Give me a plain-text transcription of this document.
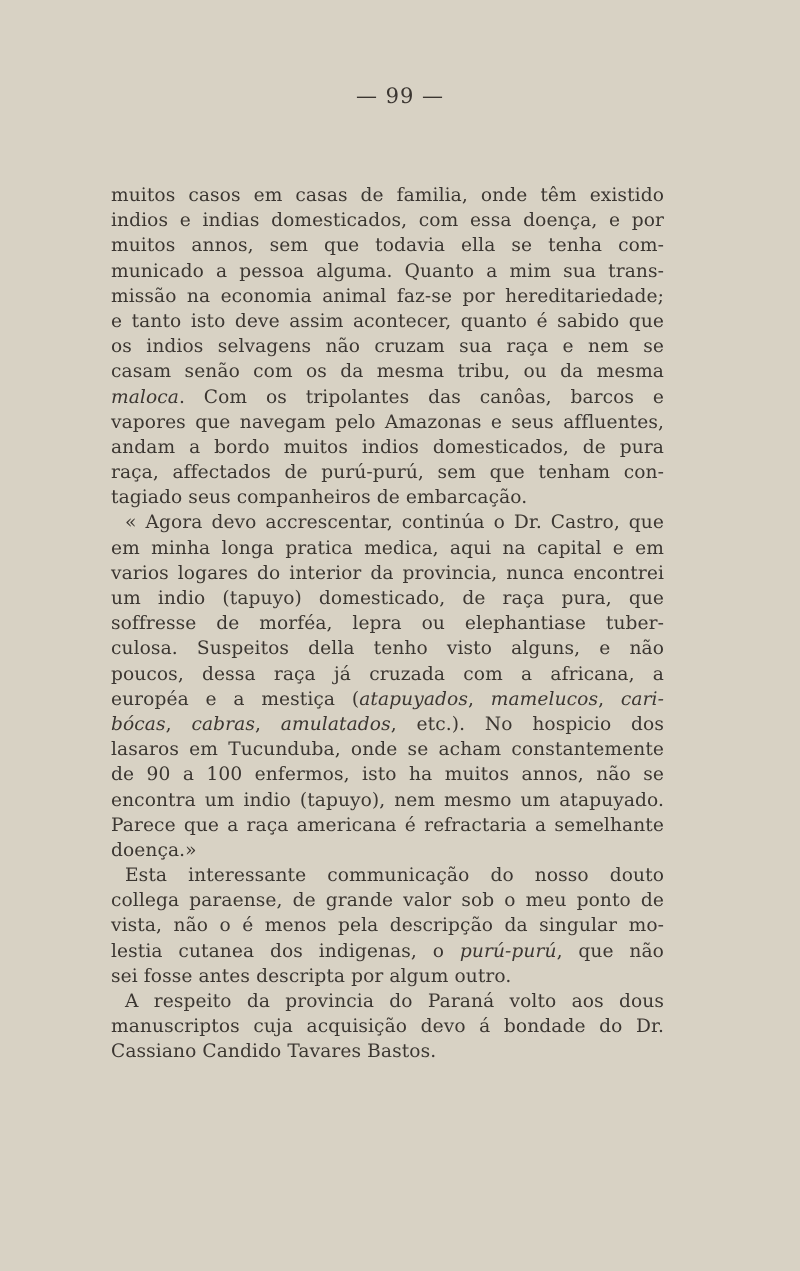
— 99 —
muitos casos em casas de familia, onde têm existido
indios e indias domesticados, com essa doença, e por
muitos annos, sem que todavia ella se tenha com-
municado a pessoa alguma. Quanto a mim sua trans-
missão na economia animal faz-se por hereditariedade;
e tanto isto deve assim acontecer, quanto é sabido que
os indios selvagens não cruzam sua raça e nem se
casam senão com os da mesma tribu, ou da mesma
maloca. Com os tripolantes das canôas, barcos e
vapores que navegam pelo Amazonas e seus affluentes,
andam a bordo muitos indios domesticados, de pura
raça, affectados de purú-purú, sem que tenham con-
tagiado seus companheiros de embarcação.
« Agora devo accrescentar, continúa o Dr. Castro, que
em minha longa pratica medica, aqui na capital e em
varios logares do interior da provincia, nunca encontrei
um indio (tapuyo) domesticado, de raça pura, que
soffresse de morféa, lepra ou elephantiase tuber-
culosa. Suspeitos della tenho visto alguns, e não
poucos, dessa raça já cruzada com a africana, a
européa e a mestiça (atapuyados, mamelucos, cari-
bócas, cabras, amulatados, etc.). No hospicio dos
lasaros em Tucunduba, onde se acham constantemente
de 90 a 100 enfermos, isto ha muitos annos, não se
encontra um indio (tapuyo), nem mesmo um atapuyado.
Parece que a raça americana é refractaria a semelhante
doença.»
Esta interessante communicação do nosso douto
collega paraense, de grande valor sob o meu ponto de
vista, não o é menos pela descripção da singular mo-
lestia cutanea dos indigenas, o purú-purú, que não
sei fosse antes descripta por algum outro.
A respeito da provincia do Paraná volto aos dous
manuscriptos cuja acquisição devo á bondade do Dr.
Cassiano Candido Tavares Bastos.
